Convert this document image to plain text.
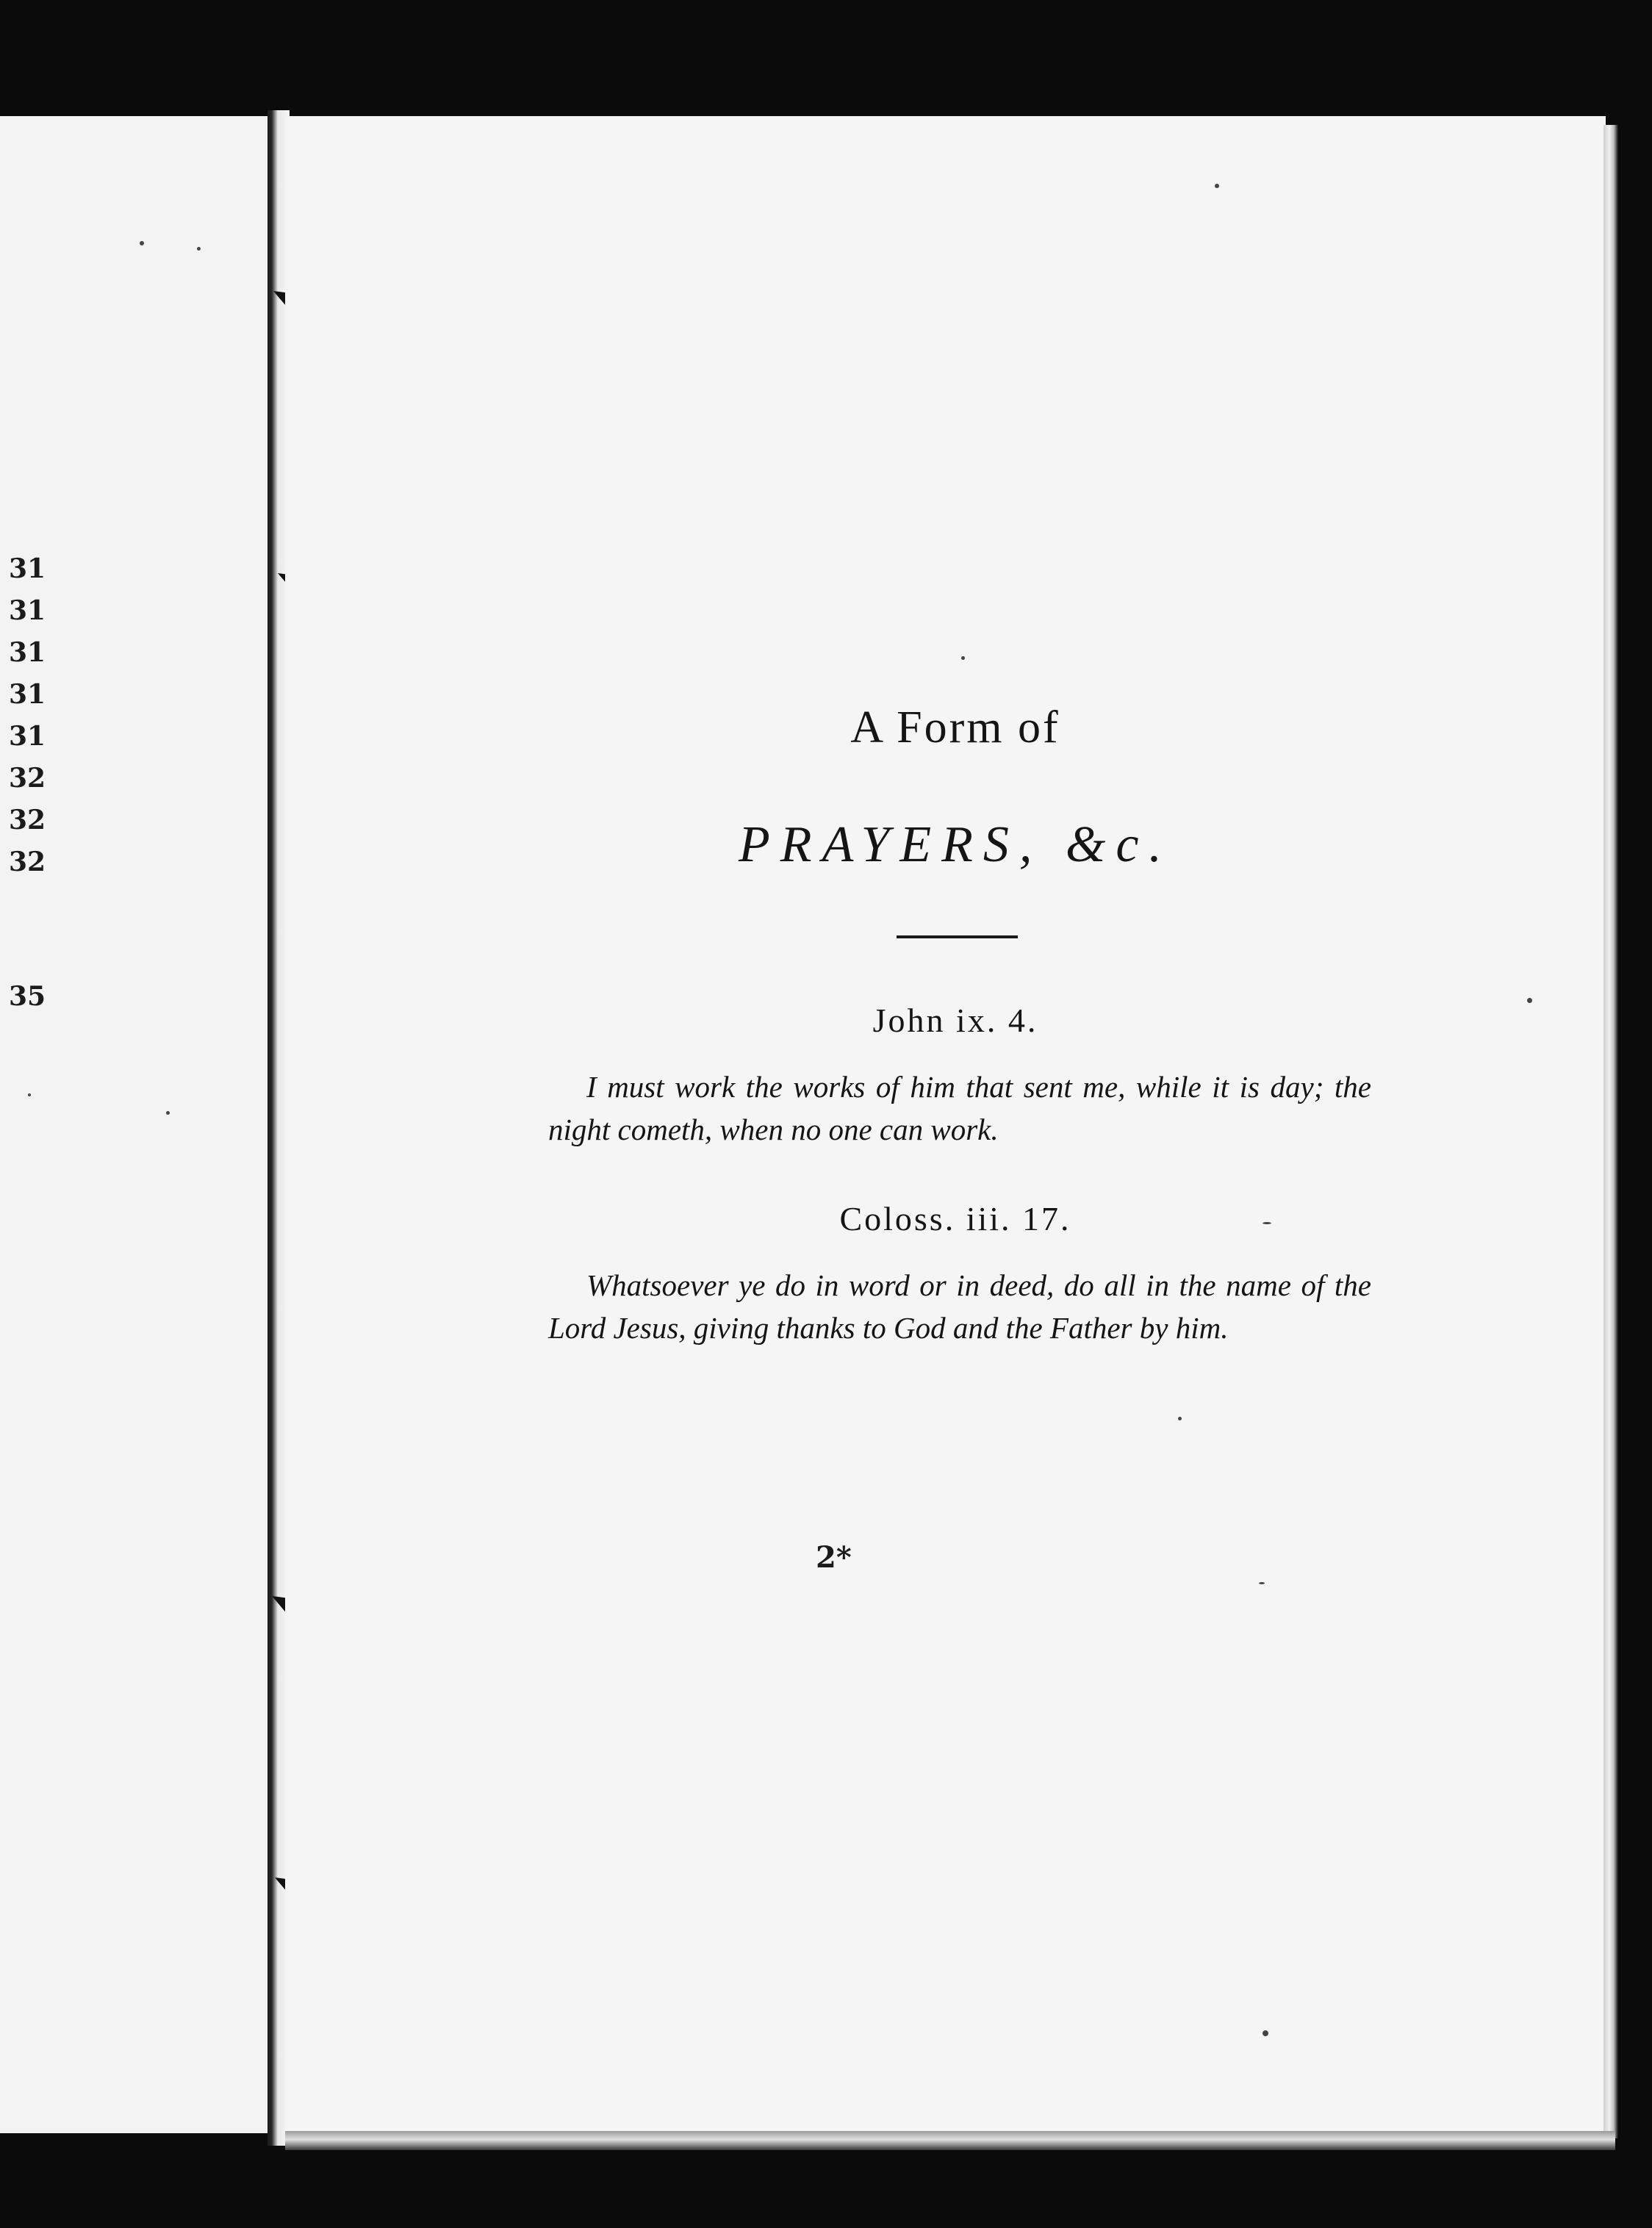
31
31
31
31
31
32
32
32
35
A Form of
PRAYERS, &c.
John ix. 4.
I must work the works of him that sent me, while it is day; the night cometh, when no one can work.
Coloss. iii. 17.
Whatsoever ye do in word or in deed, do all in the name of the Lord Jesus, giving thanks to God and the Father by him.
2*
